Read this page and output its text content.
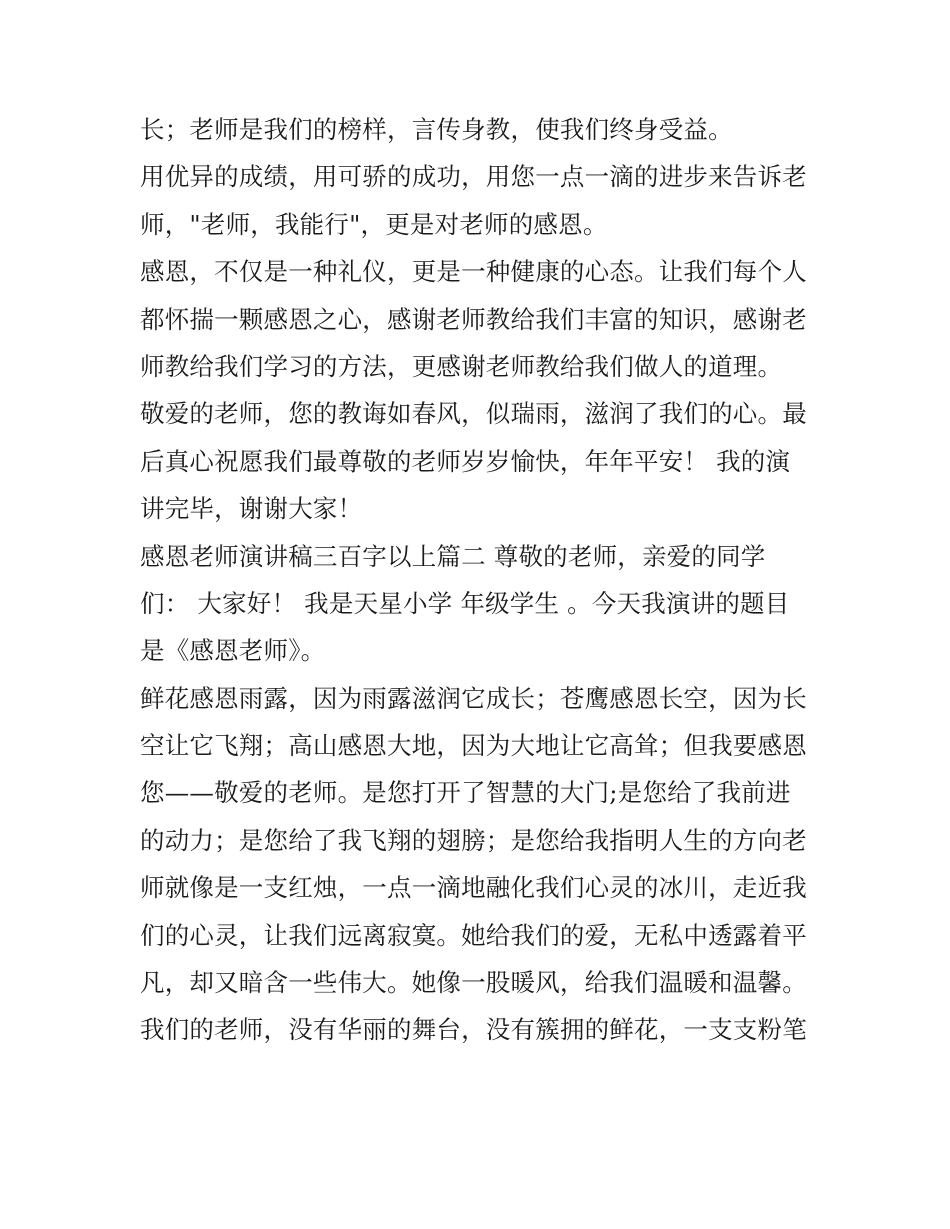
长；老师是我们的榜样，言传身教，使我们终身受益。
用优异的成绩，用可骄的成功，用您一点一滴的进步来告诉老
师，"老师，我能行"，更是对老师的感恩。
感恩，不仅是一种礼仪，更是一种健康的心态。让我们每个人
都怀揣一颗感恩之心，感谢老师教给我们丰富的知识，感谢老
师教给我们学习的方法，更感谢老师教给我们做人的道理。
敬爱的老师，您的教诲如春风，似瑞雨，滋润了我们的心。最
后真心祝愿我们最尊敬的老师岁岁愉快，年年平安！ 我的演
讲完毕，谢谢大家！
感恩老师演讲稿三百字以上篇二 尊敬的老师，亲爱的同学
们： 大家好！ 我是天星小学 年级学生 。今天我演讲的题目
是《感恩老师》。
鲜花感恩雨露，因为雨露滋润它成长；苍鹰感恩长空，因为长
空让它飞翔；高山感恩大地，因为大地让它高耸；但我要感恩
您——敬爱的老师。是您打开了智慧的大门;是您给了我前进
的动力；是您给了我飞翔的翅膀；是您给我指明人生的方向老
师就像是一支红烛，一点一滴地融化我们心灵的冰川，走近我
们的心灵，让我们远离寂寞。她给我们的爱，无私中透露着平
凡，却又暗含一些伟大。她像一股暖风，给我们温暖和温馨。
我们的老师，没有华丽的舞台，没有簇拥的鲜花，一支支粉笔
